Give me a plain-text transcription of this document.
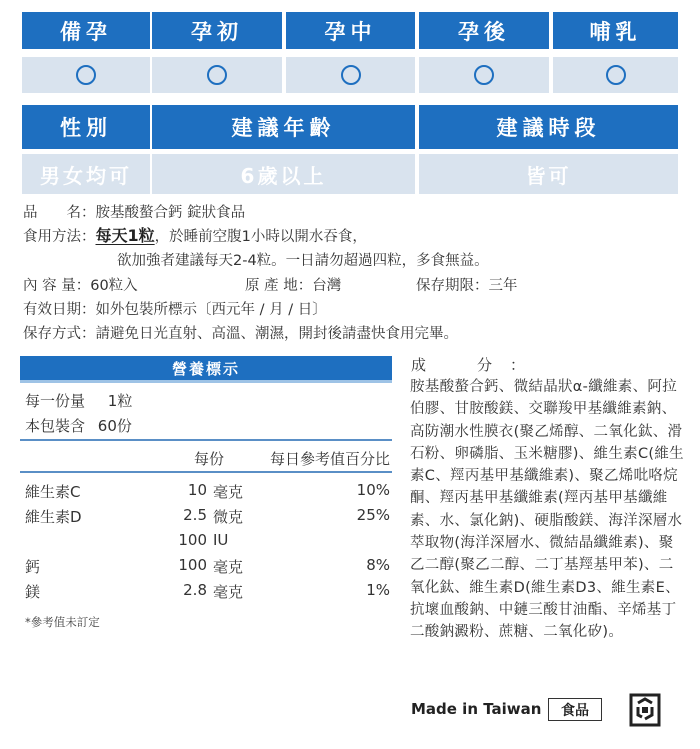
備孕	孕初	孕中	孕後	哺乳
性別	建議年齡	建議時段
男女均可	6歲以上	皆可
品　　名：胺基酸螯合鈣 錠狀食品
食用方法：每天1粒，於睡前空腹1小時以開水吞食，
欲加強者建議每天2-4粒。一日請勿超過四粒，多食無益。
內 容 量：60粒入	原 產 地：台灣	保存期限：三年
有效日期：如外包裝所標示〔西元年 / 月 / 日〕
保存方式：請避免日光直射、高溫、潮濕，開封後請盡快食用完畢。
營養標示
每一份量 1粒
本包裝含 60份
每份	每日參考值百分比
維生素C	10 毫克	10%
維生素D	2.5 微克	25%
100 IU
鈣	100 毫克	8%
鎂	2.8 毫克	1%
*參考值未訂定
成　分：
胺基酸螯合鈣、微結晶狀α-纖維素、阿拉伯膠、甘胺酸鎂、交聯羧甲基纖維素鈉、高防潮水性膜衣(聚乙烯醇、二氧化鈦、滑石粉、卵磷脂、玉米糖膠)、維生素C(維生素C、羥丙基甲基纖維素)、聚乙烯吡咯烷酮、羥丙基甲基纖維素(羥丙基甲基纖維素、水、氯化鈉)、硬脂酸鎂、海洋深層水萃取物(海洋深層水、微結晶纖維素)、聚乙二醇(聚乙二醇、二丁基羥基甲苯)、二氧化鈦、維生素D(維生素D3、維生素E、抗壞血酸鈉、中鏈三酸甘油酯、辛烯基丁二酸鈉澱粉、蔗糖、二氧化矽)。
Made in Taiwan	食品
